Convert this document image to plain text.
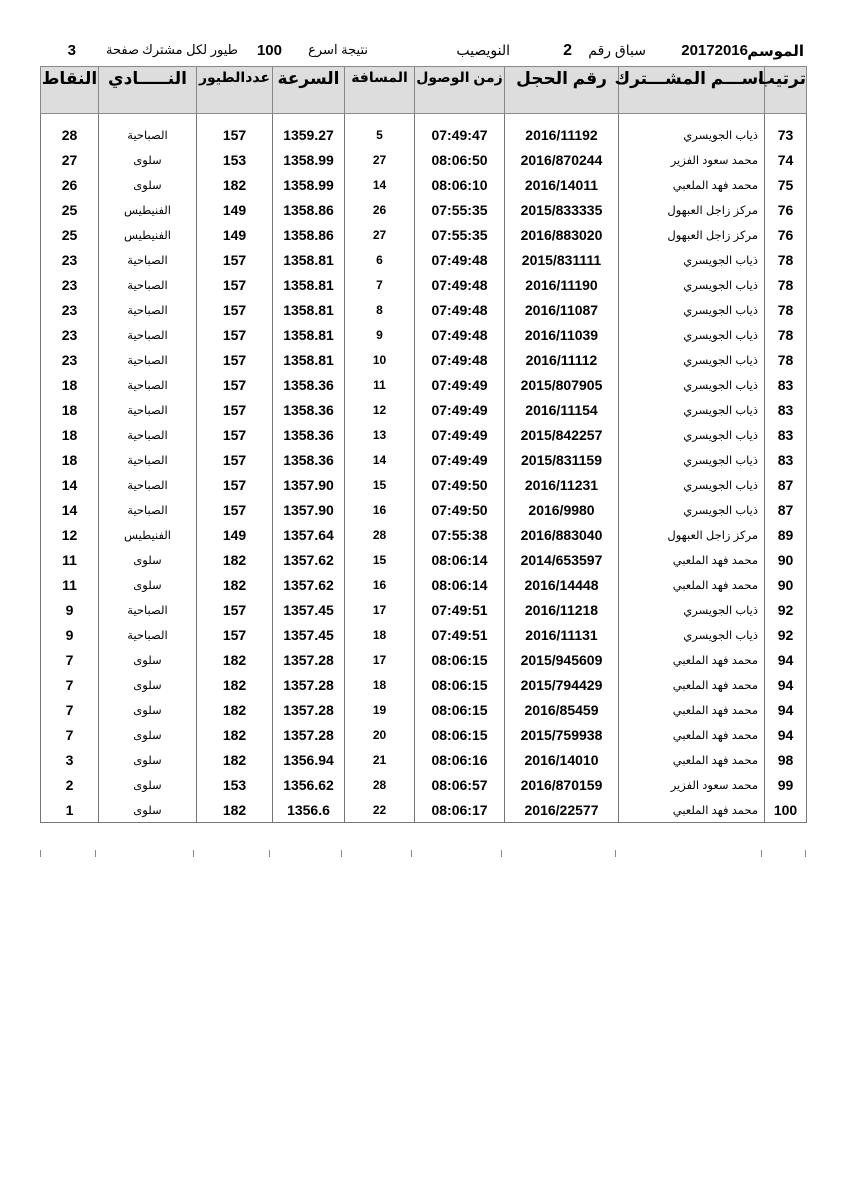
الموسم
20172016
سباق رقم
2
النويصيب
نتيجة اسرع
100
طيور لكل مشترك
صفحة
3
ترتيب	اســـم المشـــترك	رقم الحجل	زمن الوصول	المسافة	السرعة	عددالطيور	النـــــادي	النقاط

73	ذياب الجويسري	2016/11192	07:49:47	5	1359.27	157	الصباحية	28
74	محمد سعود الفزير	2016/870244	08:06:50	27	1358.99	153	سلوى	27
75	محمد فهد الملعبي	2016/14011	08:06:10	14	1358.99	182	سلوى	26
76	مركز زاجل العبهول	2015/833335	07:55:35	26	1358.86	149	الفنيطيس	25
76	مركز زاجل العبهول	2016/883020	07:55:35	27	1358.86	149	الفنيطيس	25
78	ذياب الجويسري	2015/831111	07:49:48	6	1358.81	157	الصباحية	23
78	ذياب الجويسري	2016/11190	07:49:48	7	1358.81	157	الصباحية	23
78	ذياب الجويسري	2016/11087	07:49:48	8	1358.81	157	الصباحية	23
78	ذياب الجويسري	2016/11039	07:49:48	9	1358.81	157	الصباحية	23
78	ذياب الجويسري	2016/11112	07:49:48	10	1358.81	157	الصباحية	23
83	ذياب الجويسري	2015/807905	07:49:49	11	1358.36	157	الصباحية	18
83	ذياب الجويسري	2016/11154	07:49:49	12	1358.36	157	الصباحية	18
83	ذياب الجويسري	2015/842257	07:49:49	13	1358.36	157	الصباحية	18
83	ذياب الجويسري	2015/831159	07:49:49	14	1358.36	157	الصباحية	18
87	ذياب الجويسري	2016/11231	07:49:50	15	1357.90	157	الصباحية	14
87	ذياب الجويسري	2016/9980	07:49:50	16	1357.90	157	الصباحية	14
89	مركز زاجل العبهول	2016/883040	07:55:38	28	1357.64	149	الفنيطيس	12
90	محمد فهد الملعبي	2014/653597	08:06:14	15	1357.62	182	سلوى	11
90	محمد فهد الملعبي	2016/14448	08:06:14	16	1357.62	182	سلوى	11
92	ذياب الجويسري	2016/11218	07:49:51	17	1357.45	157	الصباحية	9
92	ذياب الجويسري	2016/11131	07:49:51	18	1357.45	157	الصباحية	9
94	محمد فهد الملعبي	2015/945609	08:06:15	17	1357.28	182	سلوى	7
94	محمد فهد الملعبي	2015/794429	08:06:15	18	1357.28	182	سلوى	7
94	محمد فهد الملعبي	2016/85459	08:06:15	19	1357.28	182	سلوى	7
94	محمد فهد الملعبي	2015/759938	08:06:15	20	1357.28	182	سلوى	7
98	محمد فهد الملعبي	2016/14010	08:06:16	21	1356.94	182	سلوى	3
99	محمد سعود الفزير	2016/870159	08:06:57	28	1356.62	153	سلوى	2
100	محمد فهد الملعبي	2016/22577	08:06:17	22	1356.6	182	سلوى	1
